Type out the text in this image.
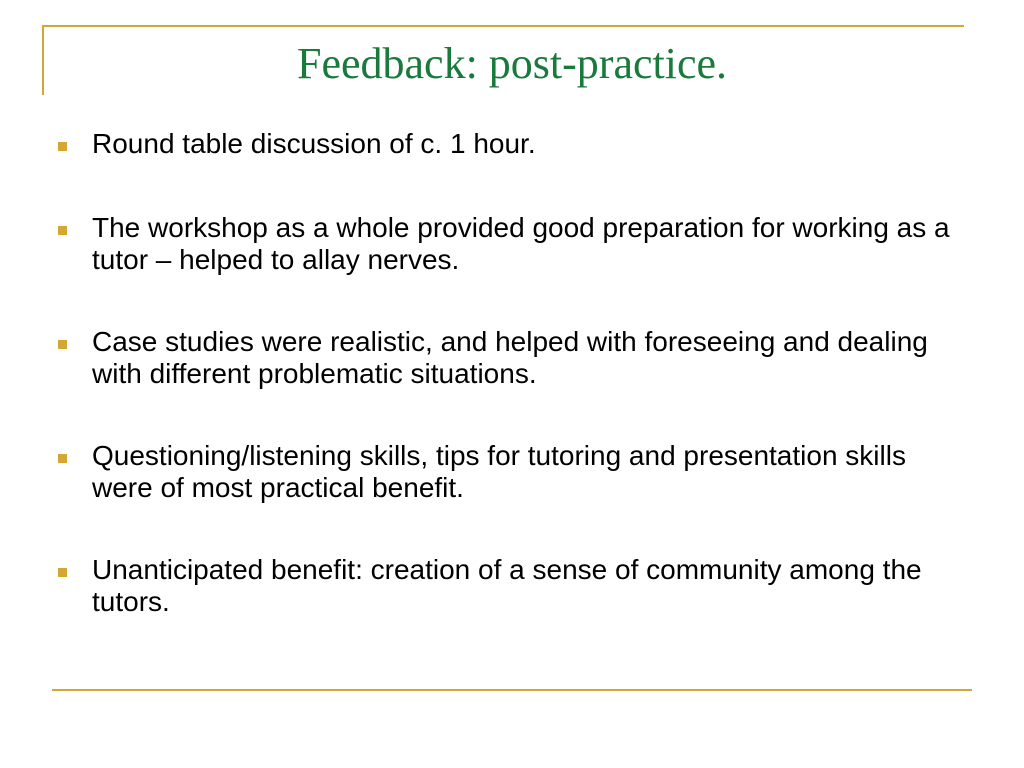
Feedback: post-practice.
Round table discussion of c. 1 hour.
The workshop as a whole provided good preparation for working as a tutor – helped to allay nerves.
Case studies were realistic, and helped with foreseeing and dealing with different problematic situations.
Questioning/listening skills, tips for tutoring and presentation skills were of most practical benefit.
Unanticipated benefit: creation of a sense of community among the tutors.
